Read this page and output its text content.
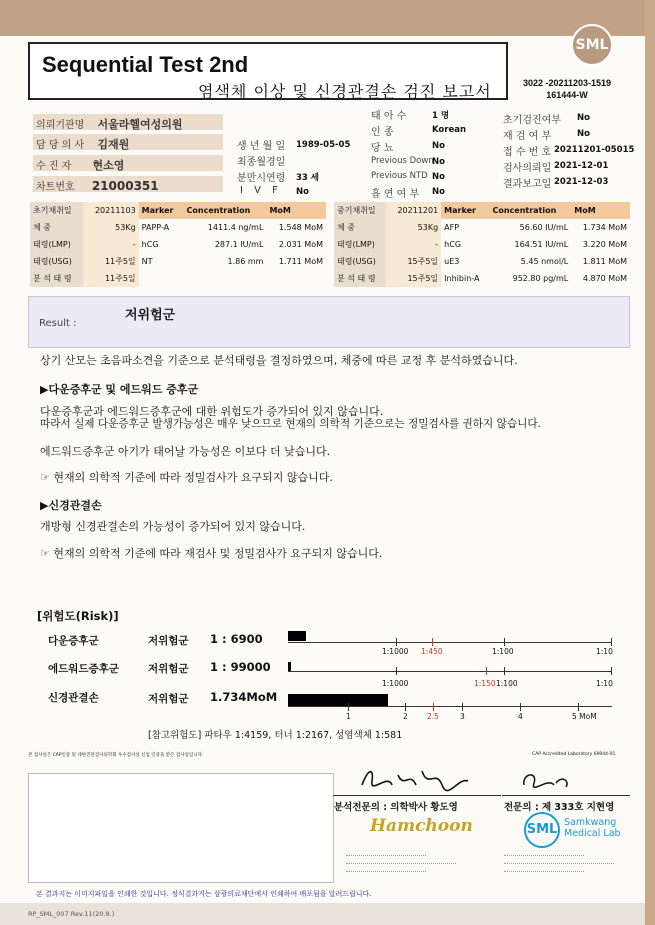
SML
Sequential Test 2nd
염색체 이상 및 신경관결손 검진 보고서	3022 -20211203-1519
161444-W
의뢰기관명 서울라헬여성의원
담 당 의 사 김재원
수 진 자 현소영
차트번호 21000351
생 년 월 일 1989-05-05
최종월경일
분만시연령 33 세
I V F No
태 아 수	1 명
인 종	Korean
당 뇨	No
Previous Down
No
Previous NTD No
흡 연 여 부 No
초기검진여부 No
재 검 여 부	No
접 수 번 호 20211201-05015
검사의뢰일 2021-12-01
결과보고일 2021-12-03
초기채취일	20211103	Marker	Concentration	MoM
체 중	53Kg	PAPP-A	1411.4 ng/mL	1.548 MoM
태령(LMP)	-	hCG	287.1 IU/mL	2.031 MoM
태령(USG)	11주5일	NT	1.86 mm	1.711 MoM
분 석 태 령	11주5일			
중기채취일	20211201	Marker	Concentration	MoM
체 중	53Kg	AFP	56.60 IU/mL	1.734 MoM
태령(LMP)	-	hCG	164.51 IU/mL	3.220 MoM
태령(USG)	15주5일	uE3	5.45 nmol/L	1.811 MoM
분 석 태 령	15주5일	Inhibin-A	952.80 pg/mL	4.870 MoM
Result :
저위험군
상기 산모는 초음파소견을 기준으로 분석태령을 결정하였으며, 체중에 따른 교정 후 분석하였습니다.
▶다운증후군 및 에드워드 증후군
다운증후군과 에드워드증후군에 대한 위험도가 증가되어 있지 않습니다.
따라서 실제 다운증후군 발생가능성은 매우 낮으므로 현재의 의학적 기준으로는 정밀검사를 권하지 않습니다.
에드워드증후군 아기가 태어날 가능성은 이보다 더 낮습니다.
☞ 현재의 의학적 기준에 따라 정밀검사가 요구되지 않습니다.
▶신경관결손
개방형 신경관결손의 가능성이 증가되어 있지 않습니다.
☞ 현재의 의학적 기준에 따라 재검사 및 정밀검사가 요구되지 않습니다.
[위험도(Risk)]
다운증후군	저위험군 1 : 6900
에드워드증후군	저위험군 1 : 99000
신경관결손	저위험군 1.734MoM
1:1000 1:450	1:100	1:10
1:1000	1:150 1:100	1:10
1	2	2.5	3	4	5 MoM
[참고위험도] 파타우 1:4159, 터너 1:2167, 성염색체 1:581
본 검사실은 CAP인증 및 대한진단검사의학회 우수검사실 신임 인증을 받은 검사실입니다.	CAP Accredited Laboratory 69944-01
분석전문의 : 의학박사 황도영	전문의 : 제 333호 지현영
Hamchoon	SML Samkwang
Medical Lab
본 결과지는 이미지파일을 인쇄한 것입니다. 정식결과지는 삼광의료재단에서 인쇄하여 배포됨을 알려드립니다.
RP_SML_007 Rev.11(20.9.)
